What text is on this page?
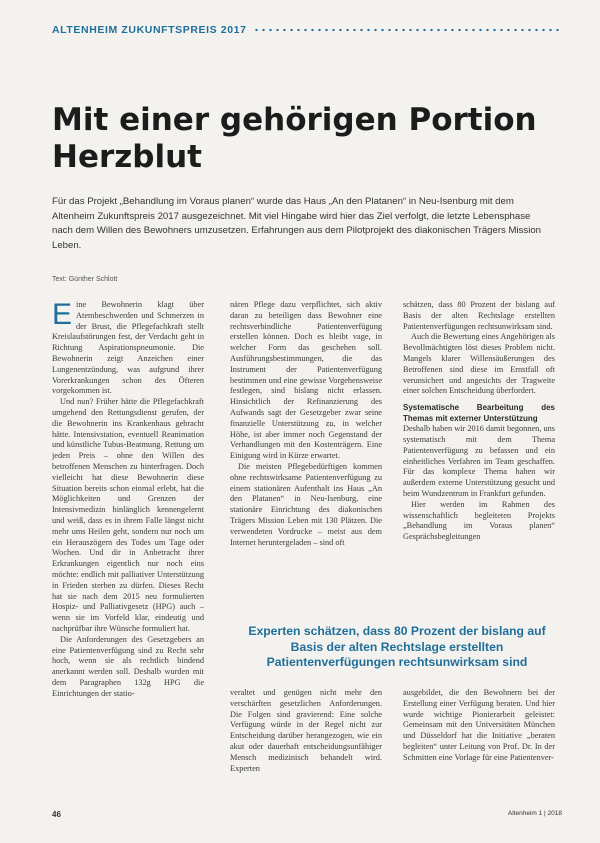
ALTENHEIM ZUKUNFTSPREIS 2017
Mit einer gehörigen Portion Herzblut
Für das Projekt „Behandlung im Voraus planen“ wurde das Haus „An den Platanen“ in Neu-Isenburg mit dem Altenheim Zukunftspreis 2017 ausgezeichnet. Mit viel Hingabe wird hier das Ziel verfolgt, die letzte Lebensphase nach dem Willen des Bewohners umzusetzen. Erfahrungen aus dem Pilotprojekt des diakonischen Trägers Mission Leben.
Text: Günther Schlott

Eine Bewohnerin klagt über Atembeschwerden und Schmerzen in der Brust, die Pflegefachkraft stellt Kreislaufstörungen fest, der Verdacht geht in Richtung Aspirationspneumonie. Die Bewohnerin zeigt Anzeichen einer Lungenentzündung, was aufgrund ihrer Vorerkrankungen schon des Öfteren vorgekommen ist.

Und nun? Früher hätte die Pflegefachkraft umgehend den Rettungsdienst gerufen, der die Bewohnerin ins Krankenhaus gebracht hätte. Intensivstation, eventuell Reanimation und künstliche Tubus-Beatmung. Rettung um jeden Preis – ohne den Willen des betroffenen Menschen zu hinterfragen. Doch vielleicht hat diese Bewohnerin diese Situation bereits schon einmal erlebt, hat die Möglichkeiten und Grenzen der Intensivmedizin hinlänglich kennengelernt und weiß, dass es in ihrem Falle längst nicht mehr ums Heilen geht, sondern nur noch um ein Herauszögern des Todes um Tage oder Wochen. Und dir in Anbetracht ihrer Erkrankungen eigentlich nur noch eins möchte: endlich mit palliativer Unterstützung in Frieden sterben zu dürfen. Dieses Recht hat sie nach dem 2015 neu formulierten Hospiz- und Palliativgesetz (HPG) auch – wenn sie im Vorfeld klar, eindeutig und nachprüfbar ihre Wünsche formuliert hat.

Die Anforderungen des Gesetzgebers an eine Patientenverfügung sind zu Recht sehr hoch, wenn sie als rechtlich bindend anerkannt werden soll. Deshalb wurden mit dem Paragraphen 132g HPG die Einrichtungen der statio-

nären Pflege dazu verpflichtet, sich aktiv daran zu beteiligen dass Bewohner eine rechtsverbindliche Patientenverfügung erstellen können. Doch es bleibt vage, in welcher Form das geschehen soll. Ausführungsbestimmungen, die das Instrument der Patientenverfügung bestimmen und eine gewisse Vorgehensweise festlegen, sind bislang nicht erlassen. Hinsichtlich der Refinanzierung des Aufwands sagt der Gesetzgeber zwar seine finanzielle Unterstützung zu, in welcher Höhe, ist aber immer noch Gegenstand der Verhandlungen mit den Kostenträgern. Eine Einigung wird in Kürze erwartet.

Die meisten Pflegebedürftigen kommen ohne rechtswirksame Patientenverfügung zu einem stationären Aufenthalt ins Haus „An den Platanen“ in Neu-Isenburg, eine stationäre Einrichtung des diakonischen Trägers Mission Leben mit 130 Plätzen. Die verwendeten Vordrucke – meist aus dem Internet heruntergeladen – sind oft

schätzen, dass 80 Prozent der bislang auf Basis der alten Rechtslage erstellten Patientenverfügungen rechtsunwirksam sind.

Auch die Bewertung eines Angehörigen als Bevollmächtigten löst dieses Problem nicht. Mangels klarer Willensäußerungen des Betroffenen sind diese im Ernstfall oft verunsichert und angesichts der Tragweite einer solchen Entscheidung überfordert.

Systematische Bearbeitung des Themas mit externer Unterstützung

Deshalb haben wir 2016 damit begonnen, uns systematisch mit dem Thema Patientenverfügung zu befassen und ein einheitliches Verfahren im Team geschaffen. Für das komplexe Thema haben wir außerdem externe Unterstützung gesucht und beim Wundzentrum in Frankfurt gefunden.

Hier werden im Rahmen des wissenschaftlich begleiteten Projekts „Behandlung im Voraus planen“ Gesprächsbegleitungen

Experten schätzen, dass 80 Prozent der bislang auf Basis der alten Rechtslage erstellten Patientenverfügungen rechtsunwirksam sind

veraltet und genügen nicht mehr den verschärften gesetzlichen Anforderungen. Die Folgen sind gravierend: Eine solche Verfügung würde in der Regel nicht zur Entscheidung darüber herangezogen, wie ein akut oder dauerhaft entscheidungsunfähiger Mensch medizinisch behandelt wird. Experten

ausgebildet, die den Bewohnern bei der Erstellung einer Verfügung beraten. Und hier wurde wichtige Pionierarbeit geleistet: Gemeinsam mit den Universitäten München und Düsseldorf hat die Initiative „beraten begleiten“ unter Leitung von Prof. Dr. In der Schmitten eine Vorlage für eine Patientenver-

46	Altenheim 1 | 2018
